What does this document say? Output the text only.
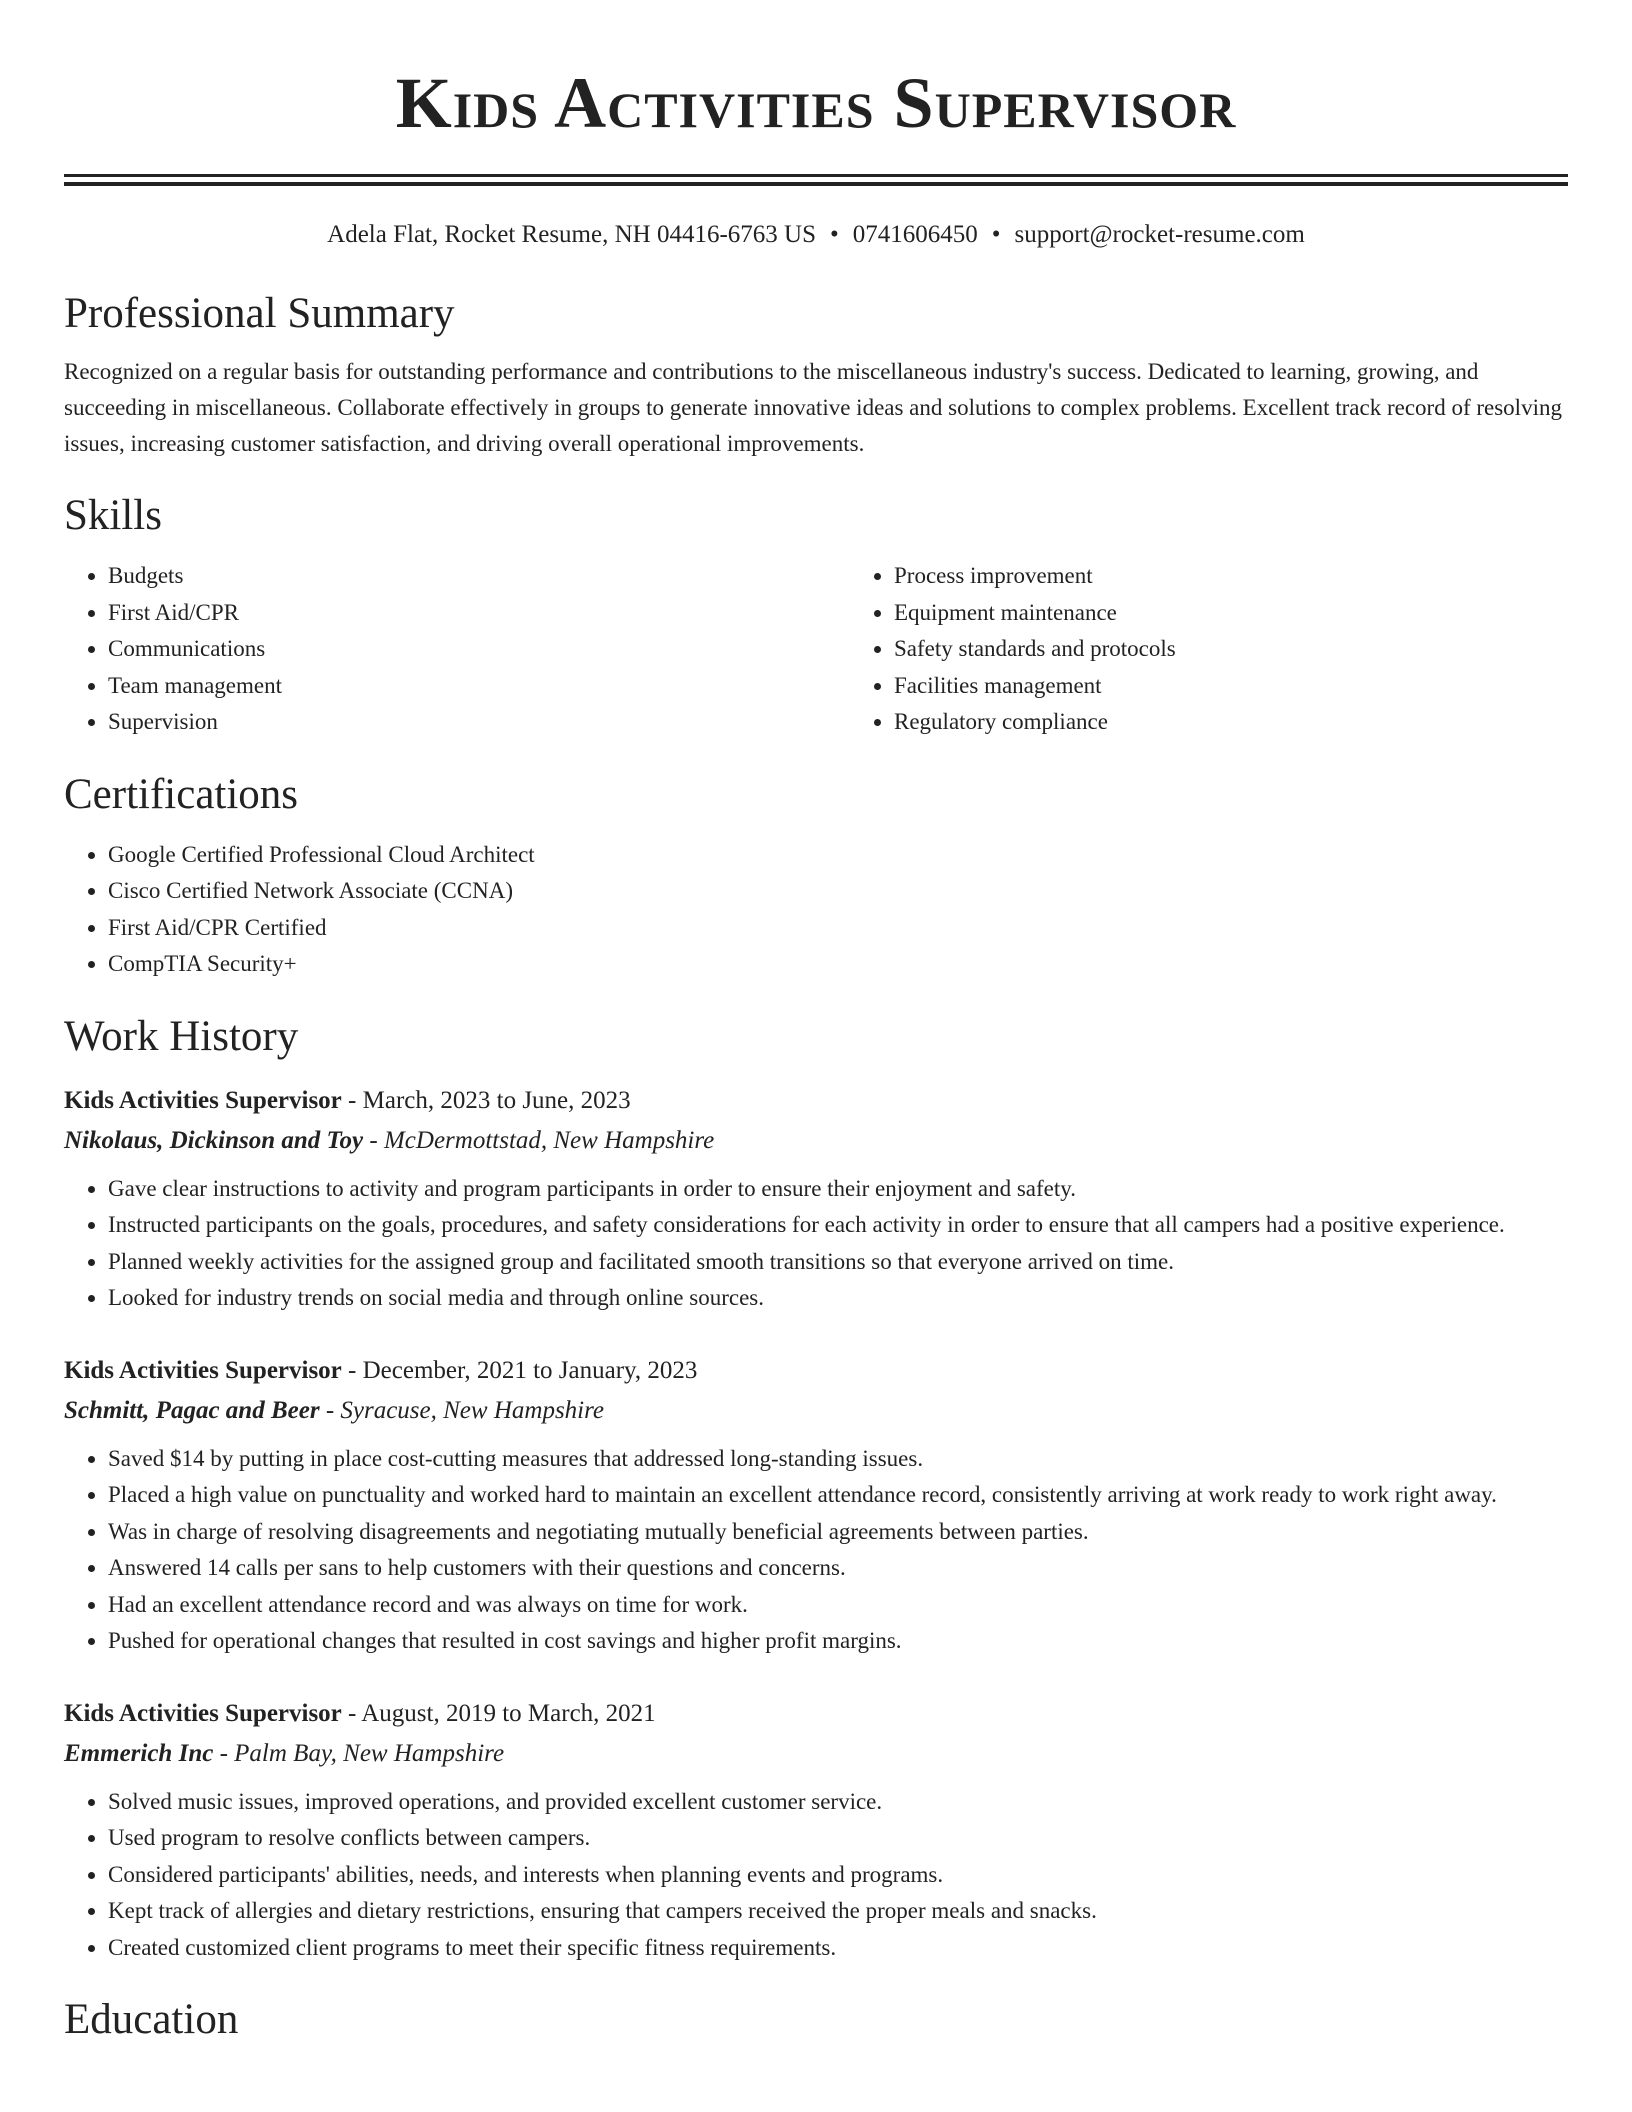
Kids Activities Supervisor
Adela Flat, Rocket Resume, NH 04416-6763 US • 0741606450 • support@rocket-resume.com
Professional Summary

Recognized on a regular basis for outstanding performance and contributions to the miscellaneous industry's success. Dedicated to learning, growing, and succeeding in miscellaneous. Collaborate effectively in groups to generate innovative ideas and solutions to complex problems. Excellent track record of resolving issues, increasing customer satisfaction, and driving overall operational improvements.

Skills
• Budgets
• First Aid/CPR
• Communications
• Team management
• Supervision
• Process improvement
• Equipment maintenance
• Safety standards and protocols
• Facilities management
• Regulatory compliance
Certifications
• Google Certified Professional Cloud Architect
• Cisco Certified Network Associate (CCNA)
• First Aid/CPR Certified
• CompTIA Security+
Work History
Kids Activities Supervisor - March, 2023 to June, 2023
Nikolaus, Dickinson and Toy - McDermottstad, New Hampshire
• Gave clear instructions to activity and program participants in order to ensure their enjoyment and safety.
• Instructed participants on the goals, procedures, and safety considerations for each activity in order to ensure that all campers had a positive experience.
• Planned weekly activities for the assigned group and facilitated smooth transitions so that everyone arrived on time.
• Looked for industry trends on social media and through online sources.
Kids Activities Supervisor - December, 2021 to January, 2023
Schmitt, Pagac and Beer - Syracuse, New Hampshire
• Saved $14 by putting in place cost-cutting measures that addressed long-standing issues.
• Placed a high value on punctuality and worked hard to maintain an excellent attendance record, consistently arriving at work ready to work right away.
• Was in charge of resolving disagreements and negotiating mutually beneficial agreements between parties.
• Answered 14 calls per sans to help customers with their questions and concerns.
• Had an excellent attendance record and was always on time for work.
• Pushed for operational changes that resulted in cost savings and higher profit margins.
Kids Activities Supervisor - August, 2019 to March, 2021
Emmerich Inc - Palm Bay, New Hampshire
• Solved music issues, improved operations, and provided excellent customer service.
• Used program to resolve conflicts between campers.
• Considered participants' abilities, needs, and interests when planning events and programs.
• Kept track of allergies and dietary restrictions, ensuring that campers received the proper meals and snacks.
• Created customized client programs to meet their specific fitness requirements.
Education
